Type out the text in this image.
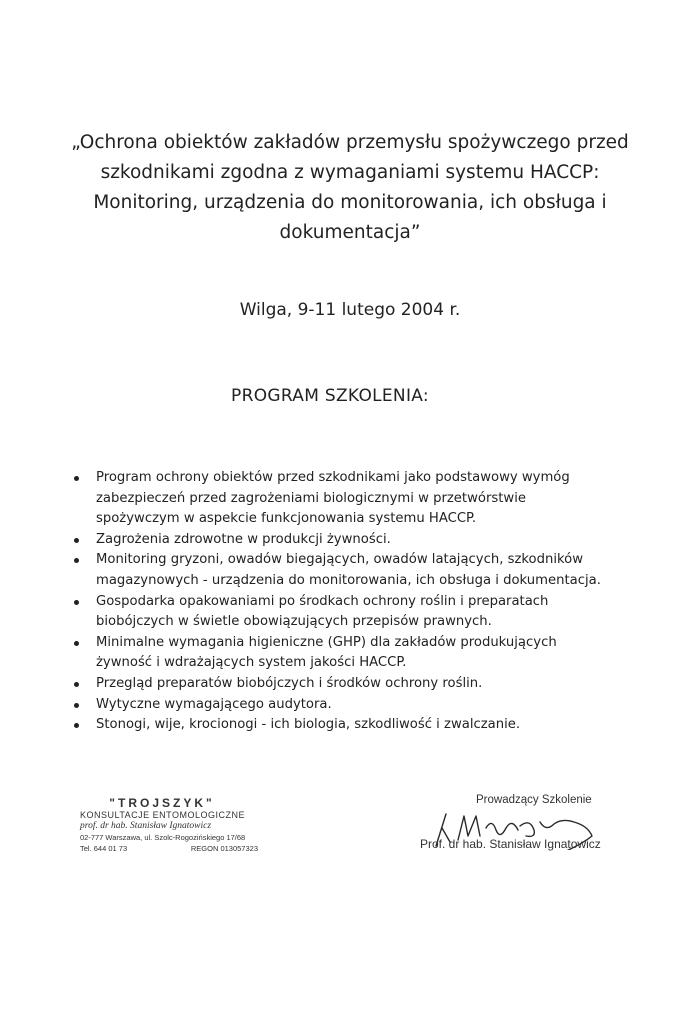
„Ochrona obiektów zakładów przemysłu spożywczego przed
szkodnikami zgodna z wymaganiami systemu HACCP:
Monitoring, urządzenia do monitorowania, ich obsługa i
dokumentacja”
Wilga, 9-11 lutego 2004 r.
PROGRAM SZKOLENIA:
Program ochrony obiektów przed szkodnikami jako podstawowy wymóg
zabezpieczeń przed zagrożeniami biologicznymi w przetwórstwie
spożywczym w aspekcie funkcjonowania systemu HACCP.
Zagrożenia zdrowotne w produkcji żywności.
Monitoring gryzoni, owadów biegających, owadów latających, szkodników
magazynowych - urządzenia do monitorowania, ich obsługa i dokumentacja.
Gospodarka opakowaniami po środkach ochrony roślin i preparatach
biobójczych w świetle obowiązujących przepisów prawnych.
Minimalne wymagania higieniczne (GHP) dla zakładów produkujących
żywność i wdrażających system jakości HACCP.
Przegląd preparatów biobójczych i środków ochrony roślin.
Wytyczne wymagającego audytora.
Stonogi, wije, krocionogi - ich biologia, szkodliwość i zwalczanie.
"TROJSZYK"
KONSULTACJE ENTOMOLOGICZNE
prof. dr hab. Stanisław Ignatowicz
02-777 Warszawa, ul. Szolc-Rogozińskiego 17/68
Tel. 644 01 73	REGON 013057323
Prowadzący Szkolenie
Prof. dr hab. Stanisław Ignatowicz
